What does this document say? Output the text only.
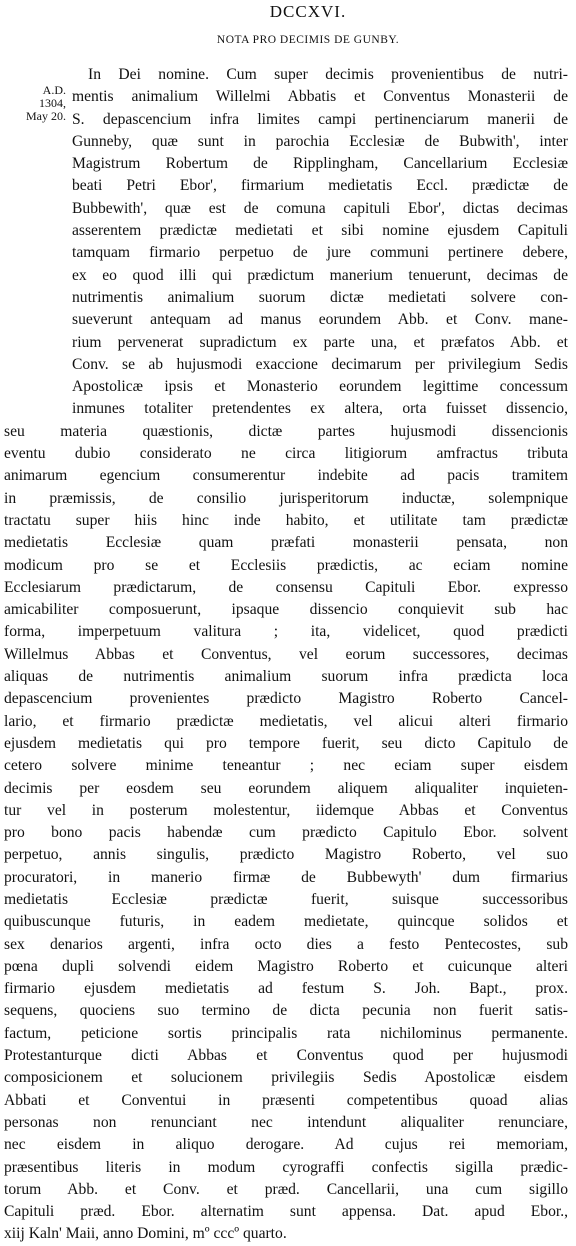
DCCXVI.
NOTA PRO DECIMIS DE GUNBY.
A.D.
1304,
May 20.
In Dei nomine. Cum super decimis provenientibus de nutri-
mentis animalium Willelmi Abbatis et Conventus Monasterii de
S. depascencium infra limites campi pertinenciarum manerii de
Gunneby, quæ sunt in parochia Ecclesiæ de Bubwith', inter
Magistrum Robertum de Ripplingham, Cancellarium Ecclesiæ
beati Petri Ebor', firmarium medietatis Eccl. prædictæ de
Bubbewith', quæ est de comuna capituli Ebor', dictas decimas
asserentem prædictæ medietati et sibi nomine ejusdem Capituli
tamquam firmario perpetuo de jure communi pertinere debere,
ex eo quod illi qui prædictum manerium tenuerunt, decimas de
nutrimentis animalium suorum dictæ medietati solvere con-
sueverunt antequam ad manus eorundem Abb. et Conv. mane-
rium pervenerat supradictum ex parte una, et præfatos Abb. et
Conv. se ab hujusmodi exaccione decimarum per privilegium Sedis
Apostolicæ ipsis et Monasterio eorundem legittime concessum
inmunes totaliter pretendentes ex altera, orta fuisset dissencio,
seu materia quæstionis, dictæ partes hujusmodi dissencionis
eventu dubio considerato ne circa litigiorum amfractus tributa
animarum egencium consumerentur indebite ad pacis tramitem
in præmissis, de consilio jurisperitorum inductæ, solempnique
tractatu super hiis hinc inde habito, et utilitate tam prædictæ
medietatis Ecclesiæ quam præfati monasterii pensata, non
modicum pro se et Ecclesiis prædictis, ac eciam nomine
Ecclesiarum prædictarum, de consensu Capituli Ebor. expresso
amicabiliter composuerunt, ipsaque dissencio conquievit sub hac
forma, imperpetuum valitura ; ita, videlicet, quod prædicti
Willelmus Abbas et Conventus, vel eorum successores, decimas
aliquas de nutrimentis animalium suorum infra prædicta loca
depascencium provenientes prædicto Magistro Roberto Cancel-
lario, et firmario prædictæ medietatis, vel alicui alteri firmario
ejusdem medietatis qui pro tempore fuerit, seu dicto Capitulo de
cetero solvere minime teneantur ; nec eciam super eisdem
decimis per eosdem seu eorundem aliquem aliqualiter inquieten-
tur vel in posterum molestentur, iidemque Abbas et Conventus
pro bono pacis habendæ cum prædicto Capitulo Ebor. solvent
perpetuo, annis singulis, prædicto Magistro Roberto, vel suo
procuratori, in manerio firmæ de Bubbewyth' dum firmarius
medietatis Ecclesiæ prædictæ fuerit, suisque successoribus
quibuscunque futuris, in eadem medietate, quincque solidos et
sex denarios argenti, infra octo dies a festo Pentecostes, sub
pœna dupli solvendi eidem Magistro Roberto et cuicunque alteri
firmario ejusdem medietatis ad festum S. Joh. Bapt., prox.
sequens, quociens suo termino de dicta pecunia non fuerit satis-
factum, peticione sortis principalis rata nichilominus permanente.
Protestanturque dicti Abbas et Conventus quod per hujusmodi
composicionem et solucionem privilegiis Sedis Apostolicæ eisdem
Abbati et Conventui in præsenti competentibus quoad alias
personas non renunciant nec intendunt aliqualiter renunciare,
nec eisdem in aliquo derogare. Ad cujus rei memoriam,
præsentibus literis in modum cyrograffi confectis sigilla prædic-
torum Abb. et Conv. et præd. Cancellarii, una cum sigillo
Capituli præd. Ebor. alternatim sunt appensa. Dat. apud Ebor.,
xiij Kaln' Maii, anno Domini, mº cccº quarto.
